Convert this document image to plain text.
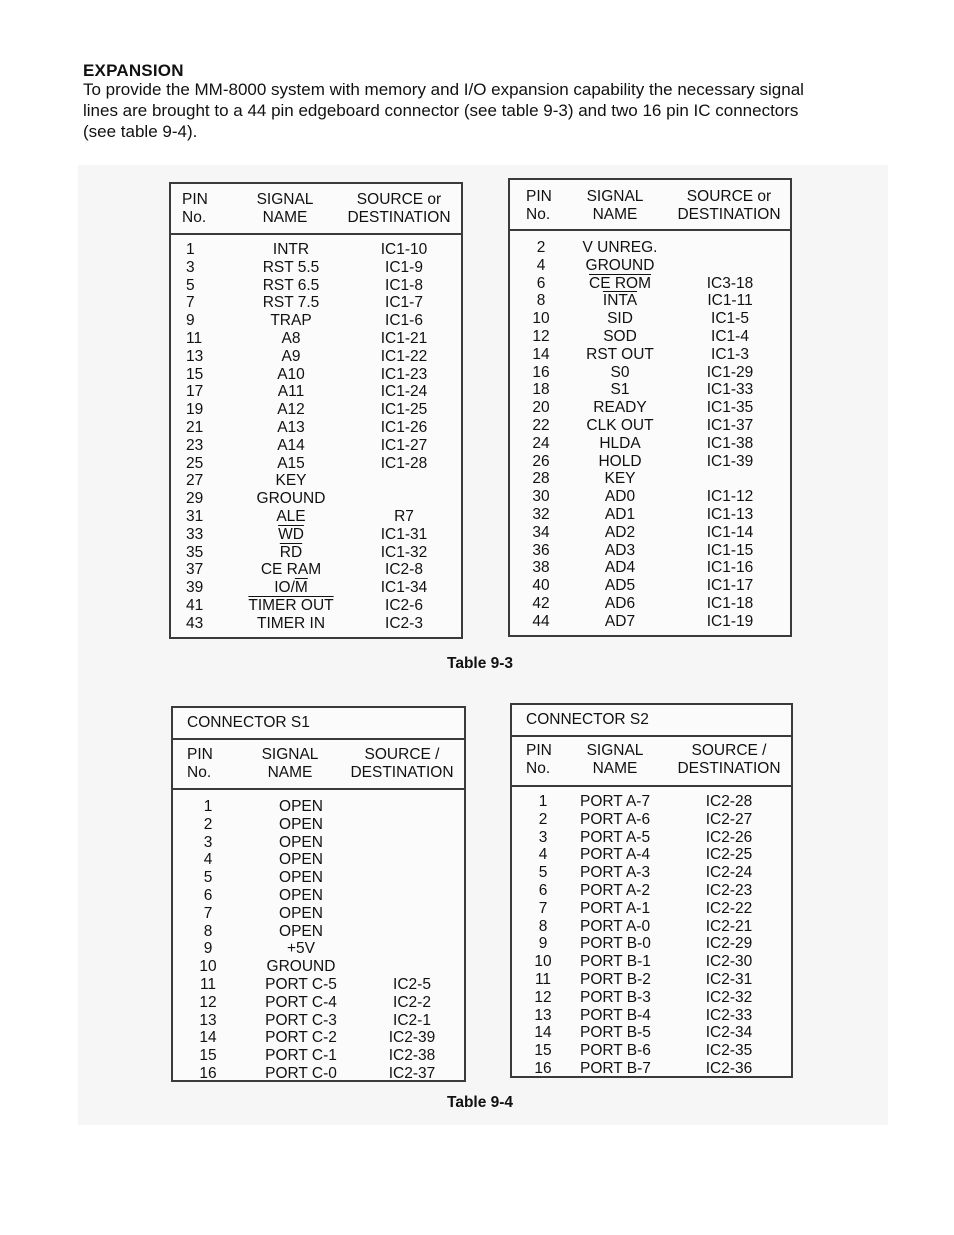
EXPANSION

To provide the MM-8000 system with memory and I/O expansion capability the necessary signal
lines are brought to a 44 pin edgeboard connector (see table 9-3) and two 16 pin IC connectors
(see table 9-4).

PIN
No.
SIGNAL
NAME
SOURCE or
DESTINATION
1	INTR	IC1-10
3	RST 5.5	IC1-9
5	RST 6.5	IC1-8
7	RST 7.5	IC1-7
9	TRAP	IC1-6
11	A8	IC1-21
13	A9	IC1-22
15	A10	IC1-23
17	A11	IC1-24
19	A12	IC1-25
21	A13	IC1-26
23	A14	IC1-27
25	A15	IC1-28
27	KEY
29	GROUND
31	ALE	R7
33	$\overline{WD}$	IC1-31
35	$\overline{RD}$	IC1-32
37	CE RAM	IC2-8
39	$IO/\overline{M}$	IC1-34
41	TIMER OUT	IC2-6
43	TIMER IN	IC2-3
PIN
No.
SIGNAL
NAME
SOURCE or
DESTINATION
2	V UNREG.
4	GROUND
6	CE ROM	IC3-18
8	INTA	IC1-11
10	SID	IC1-5
12	SOD	IC1-4
14	RST OUT	IC1-3
16	S0	IC1-29
18	S1	IC1-33
20	READY	IC1-35
22	CLK OUT	IC1-37
24	HLDA	IC1-38
26	HOLD	IC1-39
28	KEY
30	AD0	IC1-12
32	AD1	IC1-13
34	AD2	IC1-14
36	AD3	IC1-15
38	AD4	IC1-16
40	AD5	IC1-17
42	AD6	IC1-18
44	AD7	IC1-19

Table 9-3

CONNECTOR S1
PIN
No.
SIGNAL
NAME
SOURCE /
DESTINATION
1	OPEN
2	OPEN
3	OPEN
4	OPEN
5	OPEN
6	OPEN
7	OPEN
8	OPEN
9	+5V
10	GROUND
11	PORT C-5	IC2-5
12	PORT C-4	IC2-2
13	PORT C-3	IC2-1
14	PORT C-2	IC2-39
15	PORT C-1	IC2-38
16	PORT C-0	IC2-37
CONNECTOR S2
PIN
No.
SIGNAL
NAME
SOURCE /
DESTINATION
1	PORT A-7	IC2-28
2	PORT A-6	IC2-27
3	PORT A-5	IC2-26
4	PORT A-4	IC2-25
5	PORT A-3	IC2-24
6	PORT A-2	IC2-23
7	PORT A-1	IC2-22
8	PORT A-0	IC2-21
9	PORT B-0	IC2-29
10	PORT B-1	IC2-30
11	PORT B-2	IC2-31
12	PORT B-3	IC2-32
13	PORT B-4	IC2-33
14	PORT B-5	IC2-34
15	PORT B-6	IC2-35
16	PORT B-7	IC2-36

Table 9-4
